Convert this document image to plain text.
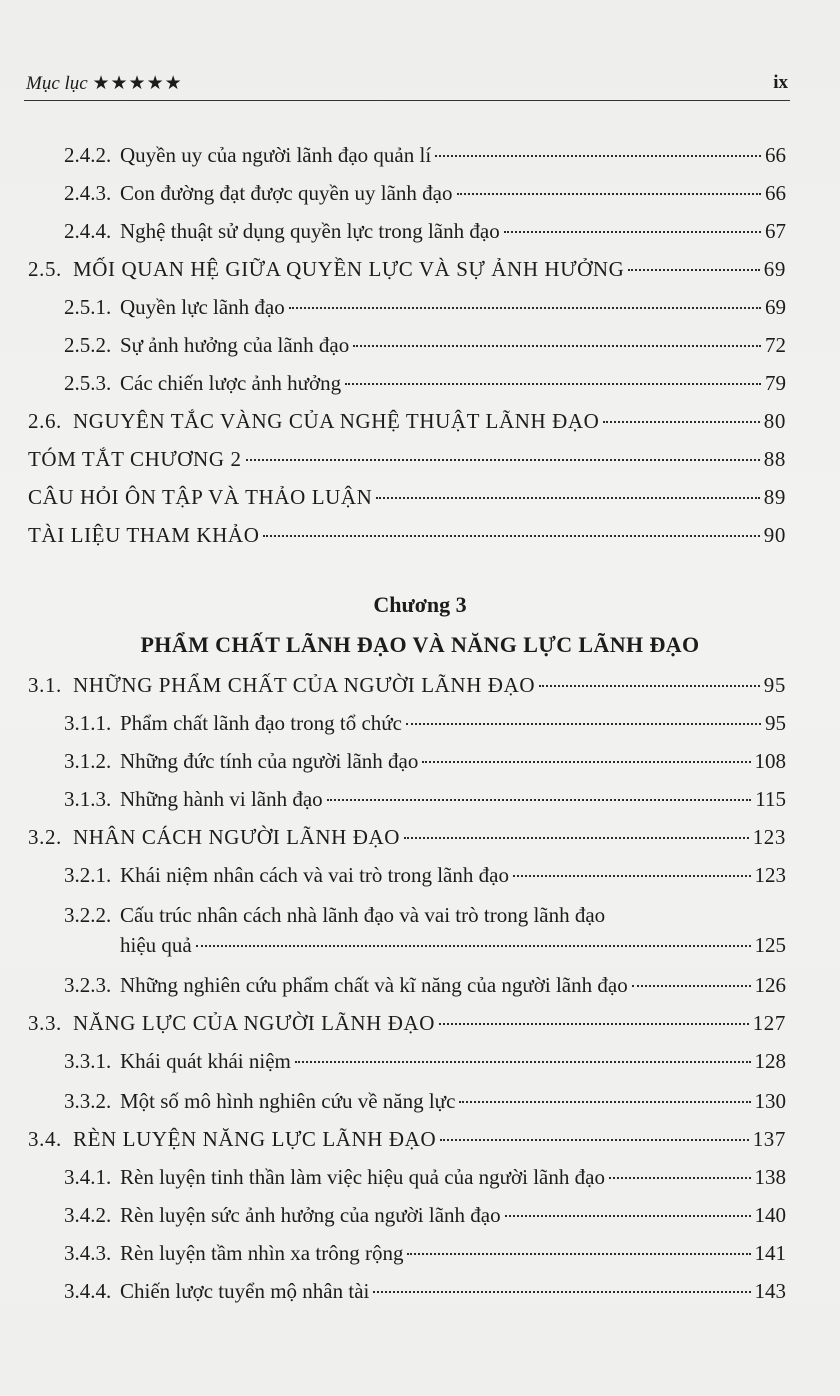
Mục lục ★★★★★	ix
2.4.2. Quyền uy của người lãnh đạo quản lí	66
2.4.3. Con đường đạt được quyền uy lãnh đạo	66
2.4.4. Nghệ thuật sử dụng quyền lực trong lãnh đạo	67
2.5. MỐI QUAN HỆ GIỮA QUYỀN LỰC VÀ SỰ ẢNH HƯỞNG	69
2.5.1. Quyền lực lãnh đạo	69
2.5.2. Sự ảnh hưởng của lãnh đạo	72
2.5.3. Các chiến lược ảnh hưởng	79
2.6. NGUYÊN TẮC VÀNG CỦA NGHỆ THUẬT LÃNH ĐẠO	80
TÓM TẮT CHƯƠNG 2	88
CÂU HỎI ÔN TẬP VÀ THẢO LUẬN	89
TÀI LIỆU THAM KHẢO	90
Chương 3
PHẨM CHẤT LÃNH ĐẠO VÀ NĂNG LỰC LÃNH ĐẠO
3.1. NHỮNG PHẨM CHẤT CỦA NGƯỜI LÃNH ĐẠO	95
3.1.1. Phẩm chất lãnh đạo trong tổ chức	95
3.1.2. Những đức tính của người lãnh đạo	108
3.1.3. Những hành vi lãnh đạo	115
3.2. NHÂN CÁCH NGƯỜI LÃNH ĐẠO	123
3.2.1. Khái niệm nhân cách và vai trò trong lãnh đạo	123
3.2.2. Cấu trúc nhân cách nhà lãnh đạo và vai trò trong lãnh đạo
hiệu quả	125
3.2.3. Những nghiên cứu phẩm chất và kĩ năng của người lãnh đạo	126
3.3. NĂNG LỰC CỦA NGƯỜI LÃNH ĐẠO	127
3.3.1. Khái quát khái niệm	128
3.3.2. Một số mô hình nghiên cứu về năng lực	130
3.4. RÈN LUYỆN NĂNG LỰC LÃNH ĐẠO	137
3.4.1. Rèn luyện tinh thần làm việc hiệu quả của người lãnh đạo	138
3.4.2. Rèn luyện sức ảnh hưởng của người lãnh đạo	140
3.4.3. Rèn luyện tầm nhìn xa trông rộng	141
3.4.4. Chiến lược tuyển mộ nhân tài	143
